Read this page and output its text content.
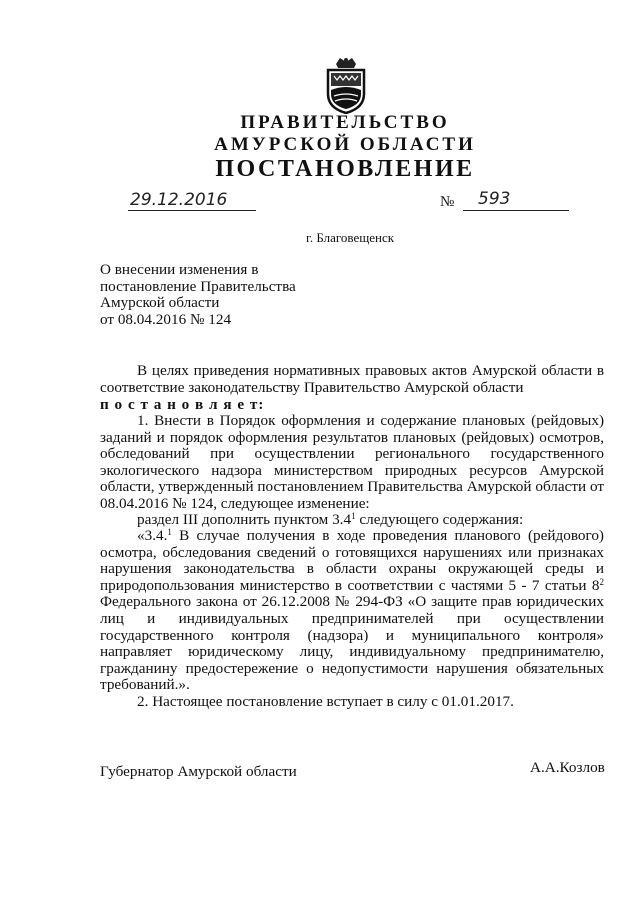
ПРАВИТЕЛЬСТВО
АМУРСКОЙ ОБЛАСТИ
ПОСТАНОВЛЕНИЕ
29.12.2016	№ 593
г. Благовещенск
О внесении изменения в
постановление Правительства
Амурской области
от 08.04.2016 № 124
В целях приведения нормативных правовых актов Амурской области в соответствие законодательству Правительство Амурской области
п о с т а н о в л я е т:
1. Внести в Порядок оформления и содержание плановых (рейдовых) заданий и порядок оформления результатов плановых (рейдовых) осмотров, обследований при осуществлении регионального государственного экологического надзора министерством природных ресурсов Амурской области, утвержденный постановлением Правительства Амурской области от 08.04.2016 № 124, следующее изменение:
раздел III дополнить пунктом $3.4^1$ следующего содержания:
«3.4.$^1$ В случае получения в ходе проведения планового (рейдового) осмотра, обследования сведений о готовящихся нарушениях или признаках нарушения законодательства в области охраны окружающей среды и природопользования министерство в соответствии с частями 5 - 7 статьи $8^2$ Федерального закона от 26.12.2008 № 294-ФЗ «О защите прав юридических лиц и индивидуальных предпринимателей при осуществлении государственного контроля (надзора) и муниципального контроля» направляет юридическому лицу, индивидуальному предпринимателю, гражданину предостережение о недопустимости нарушения обязательных требований.».
2. Настоящее постановление вступает в силу с 01.01.2017.
Губернатор Амурской области	А.А.Козлов
